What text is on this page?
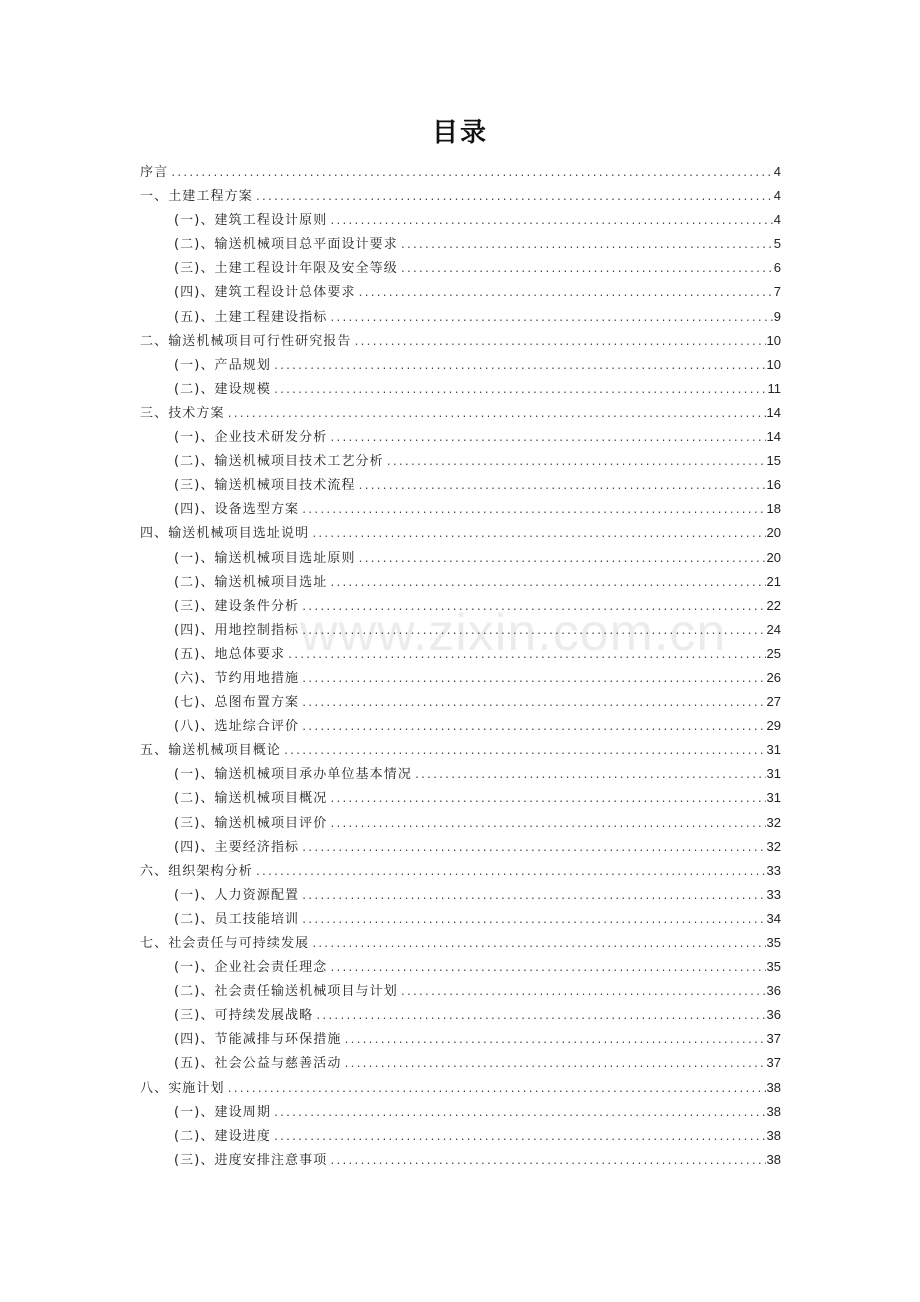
www.zixin.com.cn
目录
序言 .....	4
一、土建工程方案 .....	4
(一)、建筑工程设计原则 .....	4
(二)、输送机械项目总平面设计要求 .....	5
(三)、土建工程设计年限及安全等级 .....	6
(四)、建筑工程设计总体要求 .....	7
(五)、土建工程建设指标 .....	9
二、输送机械项目可行性研究报告 .....	10
(一)、产品规划 .....	10
(二)、建设规模 .....	11
三、技术方案 .....	14
(一)、企业技术研发分析 .....	14
(二)、输送机械项目技术工艺分析 .....	15
(三)、输送机械项目技术流程 .....	16
(四)、设备选型方案 .....	18
四、输送机械项目选址说明 .....	20
(一)、输送机械项目选址原则 .....	20
(二)、输送机械项目选址 .....	21
(三)、建设条件分析 .....	22
(四)、用地控制指标 .....	24
(五)、地总体要求 .....	25
(六)、节约用地措施 .....	26
(七)、总图布置方案 .....	27
(八)、选址综合评价 .....	29
五、输送机械项目概论 .....	31
(一)、输送机械项目承办单位基本情况 .....	31
(二)、输送机械项目概况 .....	31
(三)、输送机械项目评价 .....	32
(四)、主要经济指标 .....	32
六、组织架构分析 .....	33
(一)、人力资源配置 .....	33
(二)、员工技能培训 .....	34
七、社会责任与可持续发展 .....	35
(一)、企业社会责任理念 .....	35
(二)、社会责任输送机械项目与计划 .....	36
(三)、可持续发展战略 .....	36
(四)、节能减排与环保措施 .....	37
(五)、社会公益与慈善活动 .....	37
八、实施计划 .....	38
(一)、建设周期 .....	38
(二)、建设进度 .....	38
(三)、进度安排注意事项 .....	38
